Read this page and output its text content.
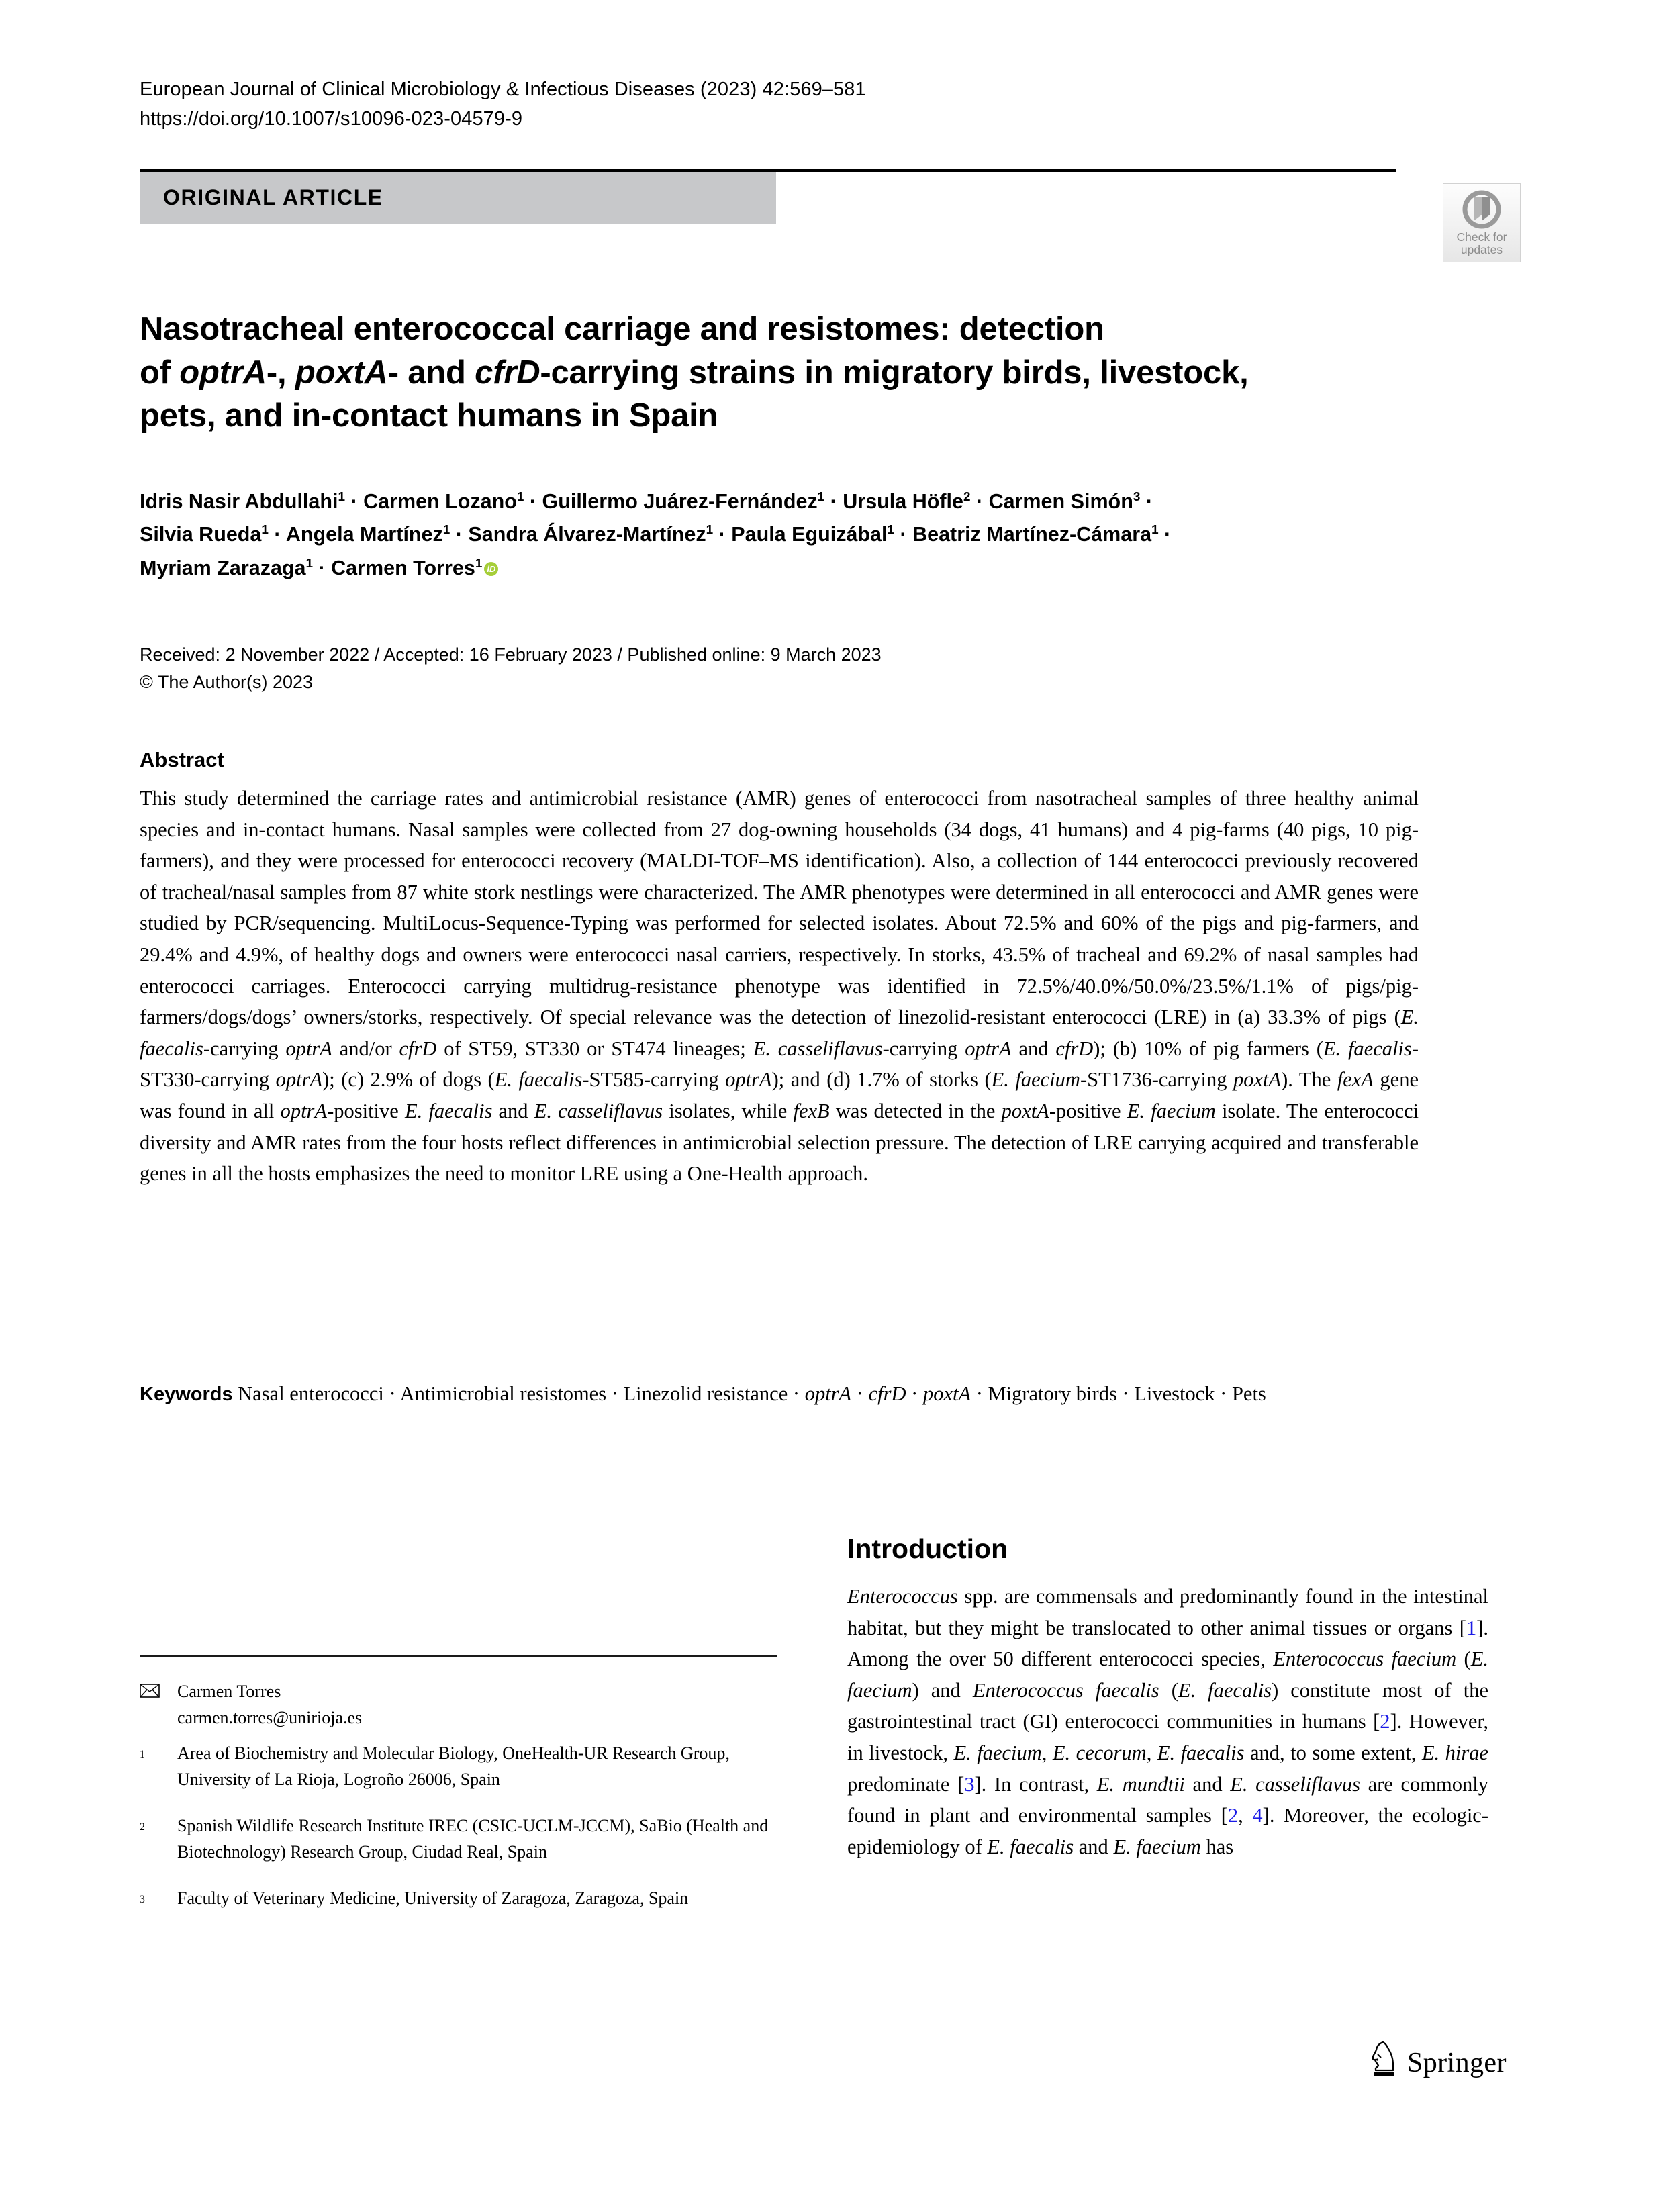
European Journal of Clinical Microbiology & Infectious Diseases (2023) 42:569–581
https://doi.org/10.1007/s10096-023-04579-9
ORIGINAL ARTICLE
Check for
updates
Nasotracheal enterococcal carriage and resistomes: detection
of optrA-, poxtA- and cfrD-carrying strains in migratory birds, livestock,
pets, and in-contact humans in Spain
Idris Nasir Abdullahi$^1$ · Carmen Lozano$^1$ · Guillermo Juárez-Fernández$^1$ · Ursula Höfle$^2$ · Carmen Simón$^3$ ·
Silvia Rueda$^1$ · Angela Martínez$^1$ · Sandra Álvarez-Martínez$^1$ · Paula Eguizábal$^1$ · Beatriz Martínez-Cámara$^1$ ·
Myriam Zarazaga$^1$ · Carmen Torres$^1$iD
Received: 2 November 2022 / Accepted: 16 February 2023 / Published online: 9 March 2023
© The Author(s) 2023
Abstract
This study determined the carriage rates and antimicrobial resistance (AMR) genes of enterococci from nasotracheal samples of three healthy animal species and in-contact humans. Nasal samples were collected from 27 dog-owning households (34 dogs, 41 humans) and 4 pig-farms (40 pigs, 10 pig-farmers), and they were processed for enterococci recovery (MALDI-TOF–MS identification). Also, a collection of 144 enterococci previously recovered of tracheal/nasal samples from 87 white stork nestlings were characterized. The AMR phenotypes were determined in all enterococci and AMR genes were studied by PCR/sequencing. MultiLocus-Sequence-Typing was performed for selected isolates. About 72.5% and 60% of the pigs and pig-farmers, and 29.4% and 4.9%, of healthy dogs and owners were enterococci nasal carriers, respectively. In storks, 43.5% of tracheal and 69.2% of nasal samples had enterococci carriages. Enterococci carrying multidrug-resistance phenotype was identified in 72.5%/40.0%/50.0%/23.5%/1.1% of pigs/pig-farmers/dogs/dogs’ owners/storks, respectively. Of special relevance was the detection of linezolid-resistant enterococci (LRE) in (a) 33.3% of pigs (E. faecalis-carrying optrA and/or cfrD of ST59, ST330 or ST474 lineages; E. casseliflavus-carrying optrA and cfrD); (b) 10% of pig farmers (E. faecalis-ST330-carrying optrA); (c) 2.9% of dogs (E. faecalis-ST585-carrying optrA); and (d) 1.7% of storks (E. faecium-ST1736-carrying poxtA). The fexA gene was found in all optrA-positive E. faecalis and E. casseliflavus isolates, while fexB was detected in the poxtA-positive E. faecium isolate. The enterococci diversity and AMR rates from the four hosts reflect differences in antimicrobial selection pressure. The detection of LRE carrying acquired and transferable genes in all the hosts emphasizes the need to monitor LRE using a One-Health approach.
Keywords Nasal enterococci · Antimicrobial resistomes · Linezolid resistance · optrA · cfrD · poxtA · Migratory birds · Livestock · Pets
Carmen Torres
carmen.torres@unirioja.es
$^1$	Area of Biochemistry and Molecular Biology, OneHealth-UR Research Group, University of La Rioja, Logroño 26006, Spain
$^2$	Spanish Wildlife Research Institute IREC (CSIC-UCLM-JCCM), SaBio (Health and Biotechnology) Research Group, Ciudad Real, Spain
$^3$	Faculty of Veterinary Medicine, University of Zaragoza, Zaragoza, Spain
Introduction
Enterococcus spp. are commensals and predominantly found in the intestinal habitat, but they might be translocated to other animal tissues or organs [1]. Among the over 50 different enterococci species, Enterococcus faecium (E. faecium) and Enterococcus faecalis (E. faecalis) constitute most of the gastrointestinal tract (GI) enterococci communities in humans [2]. However, in livestock, E. faecium, E. cecorum, E. faecalis and, to some extent, E. hirae predominate [3]. In contrast, E. mundtii and E. casseliflavus are commonly found in plant and environmental samples [2, 4]. Moreover, the ecologic-epidemiology of E. faecalis and E. faecium has
Springer
